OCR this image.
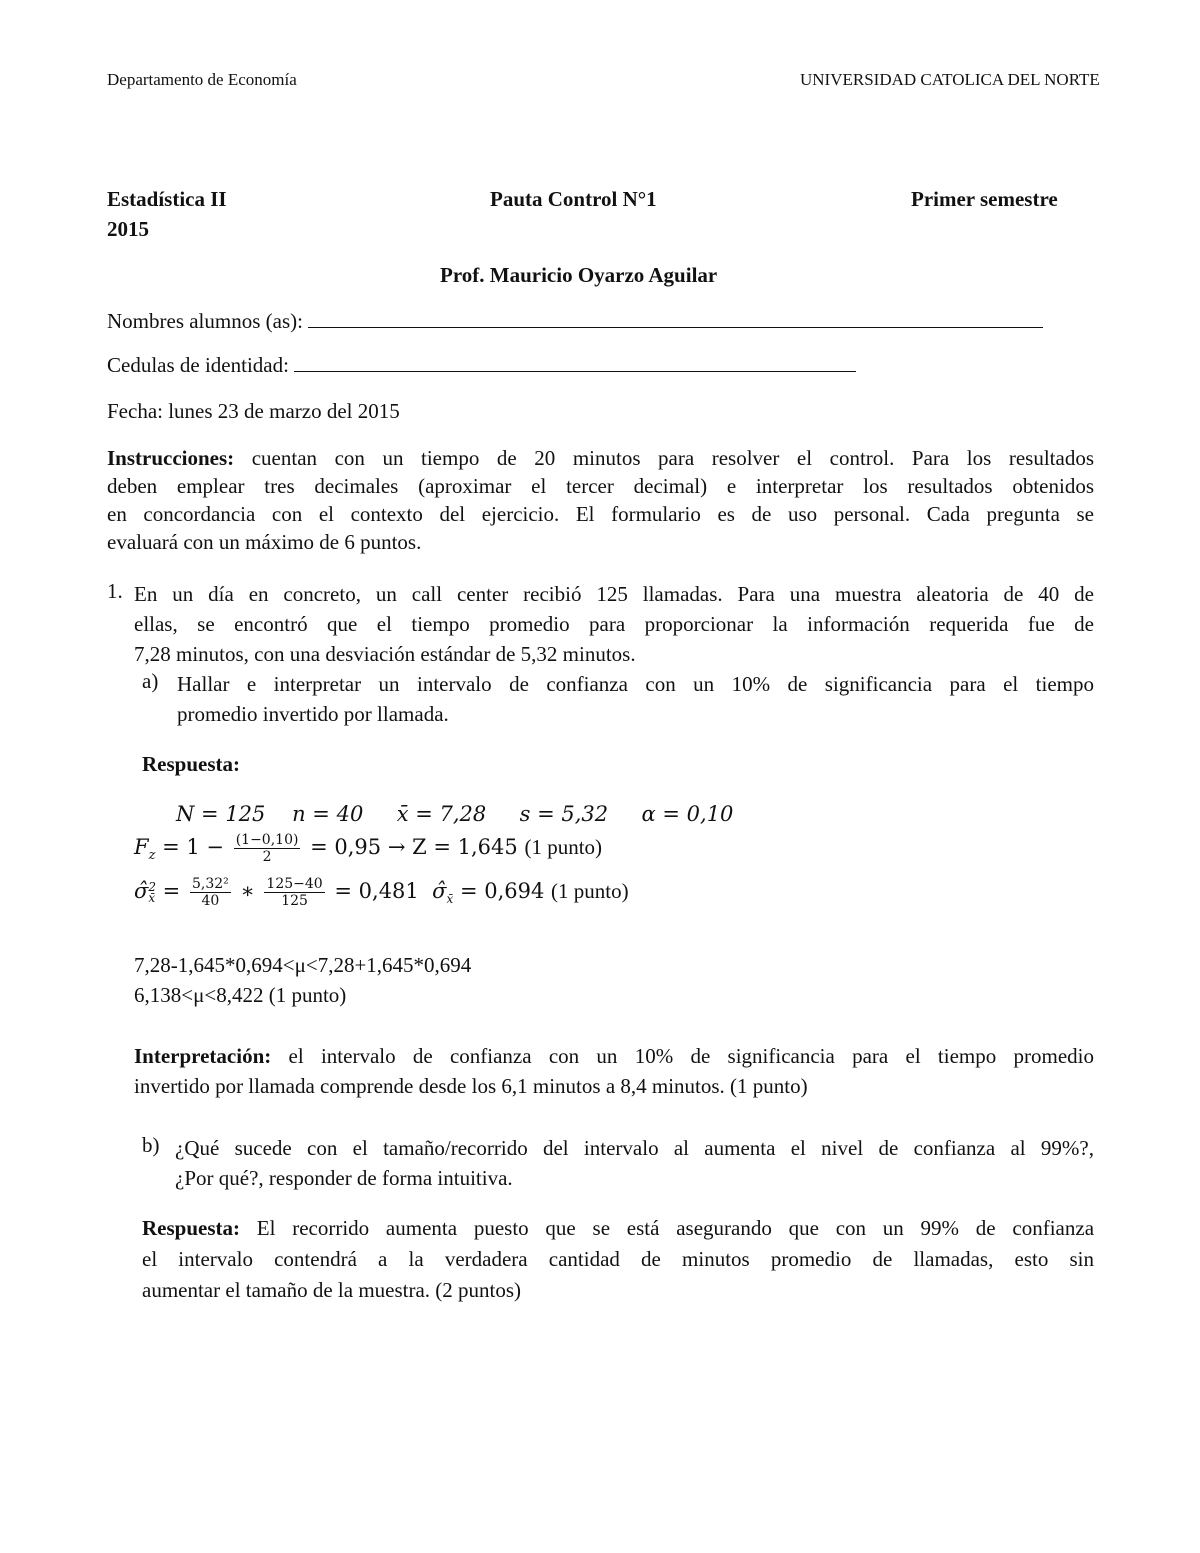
Departamento de Economía	UNIVERSIDAD CATOLICA DEL NORTE
Estadística II	Pauta Control N°1	Primer semestre
2015
Prof. Mauricio Oyarzo Aguilar
Nombres alumnos (as):
Cedulas de identidad:
Fecha: lunes 23 de marzo del 2015

Instrucciones: cuentan con un tiempo de 20 minutos para resolver el control. Para los resultados

deben emplear tres decimales (aproximar el tercer decimal) e interpretar los resultados obtenidos

en concordancia con el contexto del ejercicio. El formulario es de uso personal. Cada pregunta se

evaluará con un máximo de 6 puntos.

1. En un día en concreto, un call center recibió 125 llamadas. Para una muestra aleatoria de 40 de

ellas, se encontró que el tiempo promedio para proporcionar la información requerida fue de

7,28 minutos, con una desviación estándar de 5,32 minutos.

a) Hallar e interpretar un intervalo de confianza con un 10% de significancia para el tiempo

promedio invertido por llamada.

Respuesta:
N = 125 n = 40 x̄ = 7,28 s = 5,32 α = 0,10
$F_z = 1 - \frac{(1-0,10)}{2} = 0,95 \to Z = 1,645$ (1 punto)
σ̂ 2
x̄ = $\frac{\text{5,32²}}{40}$ ∗ $\frac{125-40}{125} = 0,481$ $\sigmâ_{x̄} = 0,694$ (1 punto)
7,28-1,645*0,694<μ<7,28+1,645*0,694
6,138<μ<8,422 (1 punto)

Interpretación: el intervalo de confianza con un 10% de significancia para el tiempo promedio

invertido por llamada comprende desde los 6,1 minutos a 8,4 minutos. (1 punto)

b) ¿Qué sucede con el tamaño/recorrido del intervalo al aumenta el nivel de confianza al 99%?,

¿Por qué?, responder de forma intuitiva.

Respuesta: El recorrido aumenta puesto que se está asegurando que con un 99% de confianza

el intervalo contendrá a la verdadera cantidad de minutos promedio de llamadas, esto sin

aumentar el tamaño de la muestra. (2 puntos)
